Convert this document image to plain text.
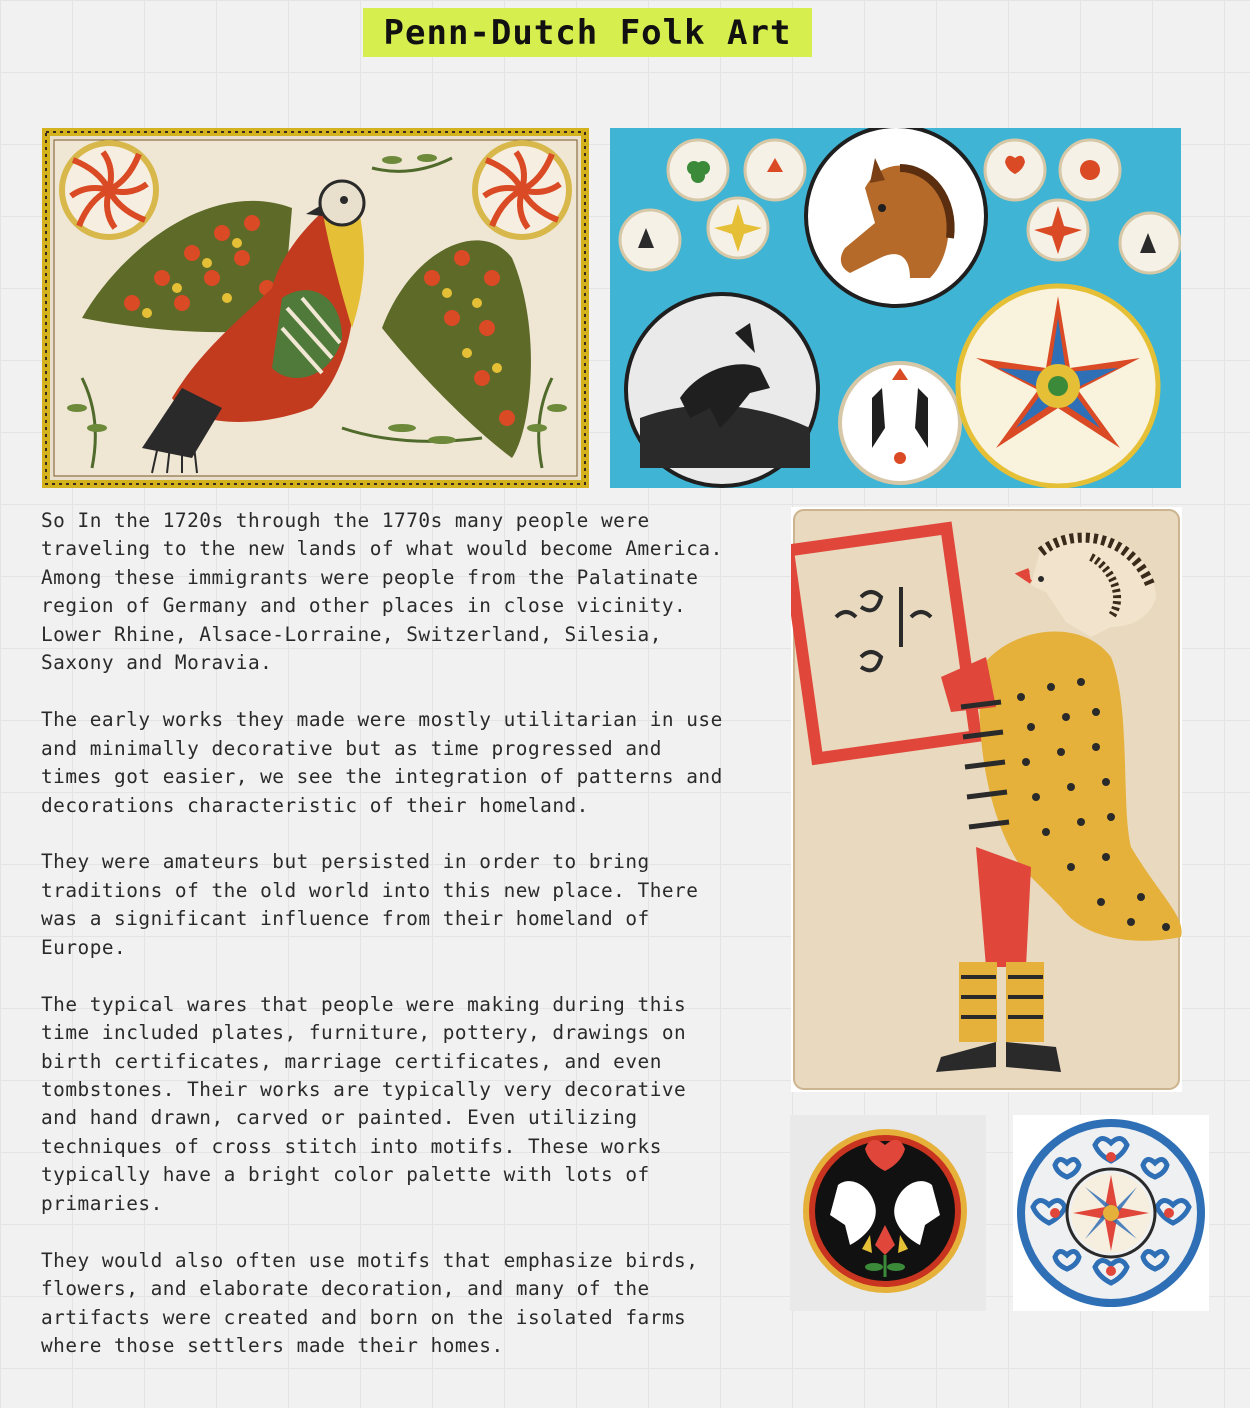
Penn-Dutch Folk Art

So In the 1720s through the 1770s many people were traveling to the new lands of what would become America. Among these immigrants were people from the Palatinate region of Germany and other places in close vicinity. Lower Rhine, Alsace-Lorraine, Switzerland, Silesia, Saxony and Moravia.

The early works they made were mostly utilitarian in use and minimally decorative but as time progressed and times got easier, we see the integration of patterns and decorations characteristic of their homeland.

They were amateurs but persisted in order to bring traditions of the old world into this new place. There was a significant influence from their homeland of Europe.

The typical wares that people were making during this time included plates, furniture, pottery, drawings on birth certificates, marriage certificates, and even tombstones. Their works are typically very decorative and hand drawn, carved or painted. Even utilizing techniques of cross stitch into motifs. These works typically have a bright color palette with lots of primaries.

They would also often use motifs that emphasize birds, flowers, and elaborate decoration, and many of the artifacts were created and born on the isolated farms where those settlers made their homes.
